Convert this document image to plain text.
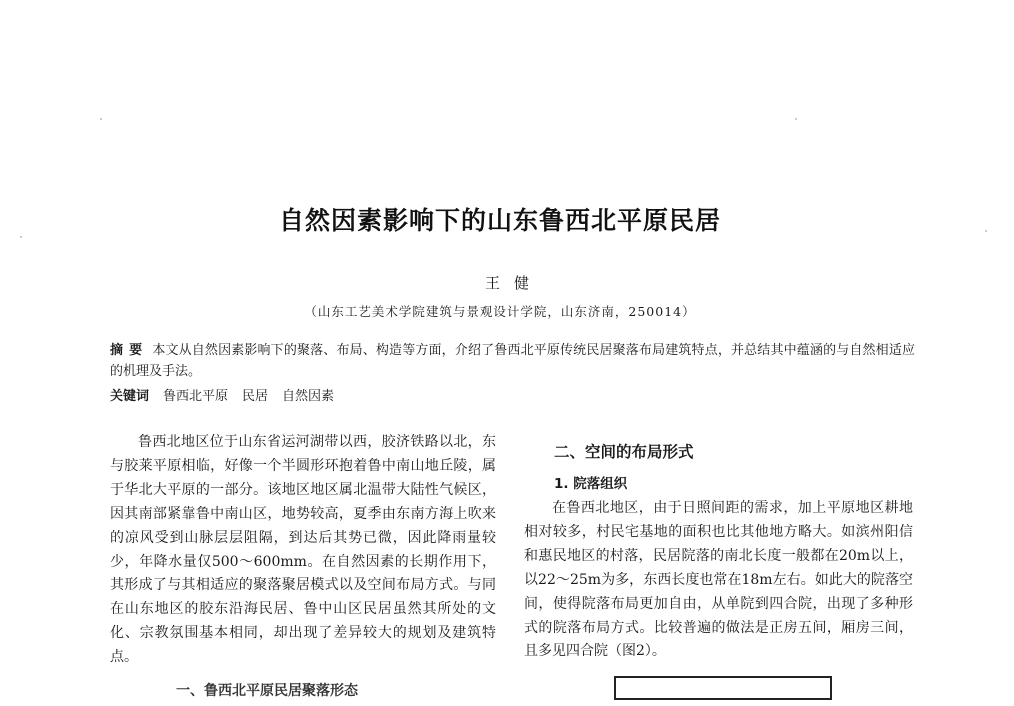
自然因素影响下的山东鲁西北平原民居
王健
（山东工艺美术学院建筑与景观设计学院，山东济南，250014）
摘要 本文从自然因素影响下的聚落、布局、构造等方面，介绍了鲁西北平原传统民居聚落布局建筑特点，并总结其中蕴涵的与自然相适应的机理及手法。
关键词 鲁西北平原 民居 自然因素

鲁西北地区位于山东省运河湖带以西，胶济铁路以北，东与胶莱平原相临，好像一个半圆形环抱着鲁中南山地丘陵，属于华北大平原的一部分。该地区地区属北温带大陆性气候区，因其南部紧靠鲁中南山区，地势较高，夏季由东南方海上吹来的凉风受到山脉层层阻隔，到达后其势已微，因此降雨量较少，年降水量仅500～600mm。在自然因素的长期作用下，其形成了与其相适应的聚落聚居模式以及空间布局方式。与同在山东地区的胶东沿海民居、鲁中山区民居虽然其所处的文化、宗教氛围基本相同，却出现了差异较大的规划及建筑特点。

二、空间的布局形式
1. 院落组织

在鲁西北地区，由于日照间距的需求，加上平原地区耕地相对较多，村民宅基地的面积也比其他地方略大。如滨州阳信和惠民地区的村落，民居院落的南北长度一般都在20m以上，以22～25m为多，东西长度也常在18m左右。如此大的院落空间，使得院落布局更加自由，从单院到四合院，出现了多种形式的院落布局方式。比较普遍的做法是正房五间，厢房三间，且多见四合院（图2）。

一、鲁西北平原民居聚落形态
